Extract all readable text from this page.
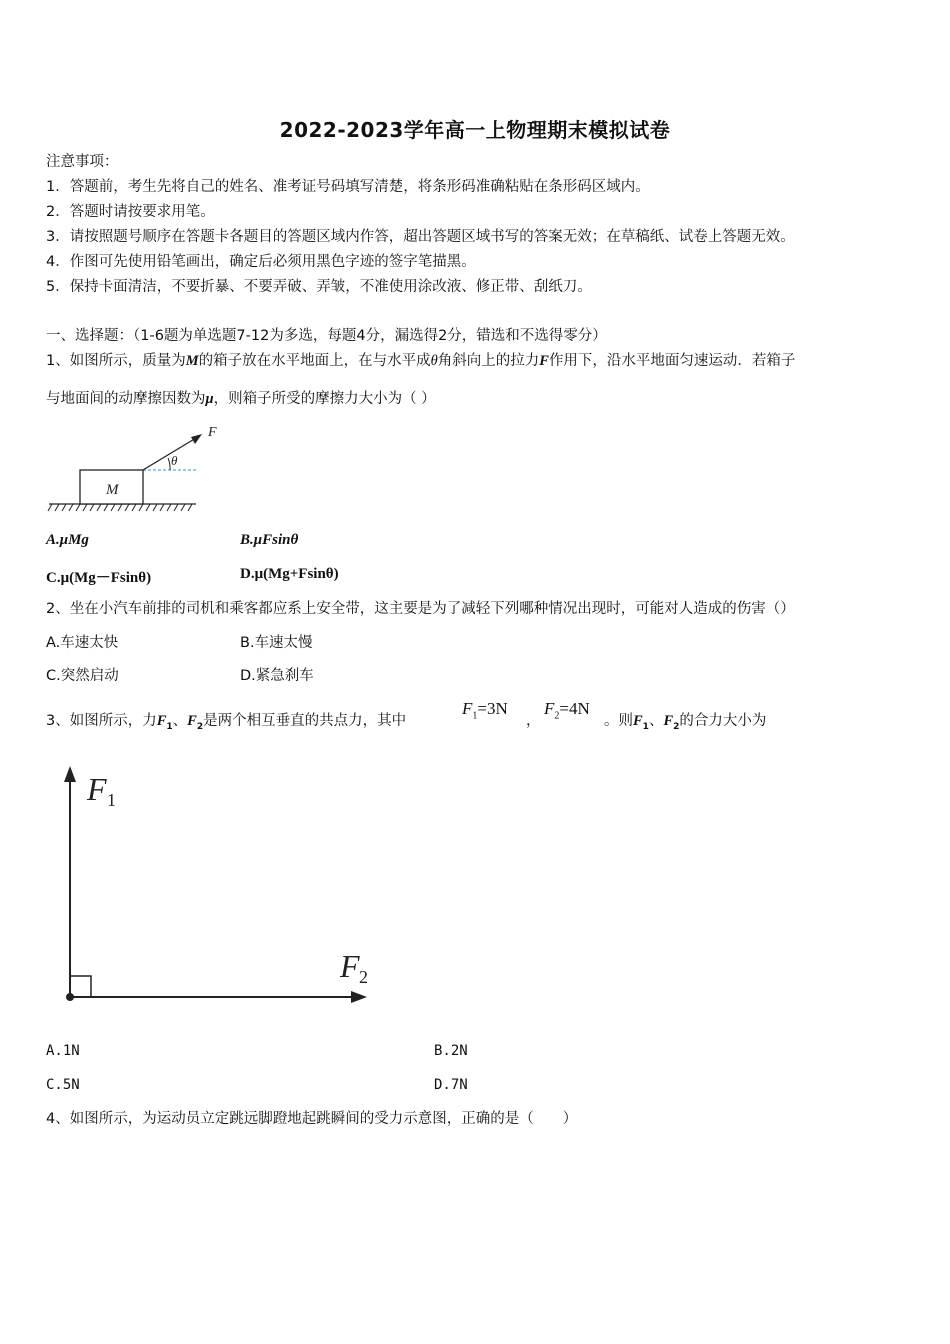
2022-2023学年高一上物理期末模拟试卷
注意事项：
1．答题前，考生先将自己的姓名、准考证号码填写清楚，将条形码准确粘贴在条形码区域内。
2．答题时请按要求用笔。
3．请按照题号顺序在答题卡各题目的答题区域内作答，超出答题区域书写的答案无效；在草稿纸、试卷上答题无效。
4．作图可先使用铅笔画出，确定后必须用黑色字迹的签字笔描黑。
5．保持卡面清洁，不要折暴、不要弄破、弄皱，不准使用涂改液、修正带、刮纸刀。
一、选择题：（1-6题为单选题7-12为多选，每题4分，漏选得2分，错选和不选得零分）
1、如图所示，质量为M的箱子放在水平地面上，在与水平成θ角斜向上的拉力F作用下，沿水平地面匀速运动．若箱子
与地面间的动摩擦因数为μ，则箱子所受的摩擦力大小为（ ）
M
θ
F
A.μMg	B.μFsinθ
C.μ(Mg－Fsinθ)	D.μ(Mg+Fsinθ)
2、坐在小汽车前排的司机和乘客都应系上安全带，这主要是为了减轻下列哪种情况出现时，可能对人造成的伤害（）
A.车速太快	B.车速太慢
C.突然启动	D.紧急刹车
3、如图所示，力$F_1$、$F_2$是两个相互垂直的共点力，其中
$F_1=3N$
，
$F_2=4N$
。则$F_1$、$F_2$的合力大小为
F 1
F 2
A.1N	B.2N
C.5N	D.7N
4、如图所示，为运动员立定跳远脚蹬地起跳瞬间的受力示意图，正确的是（　　）
